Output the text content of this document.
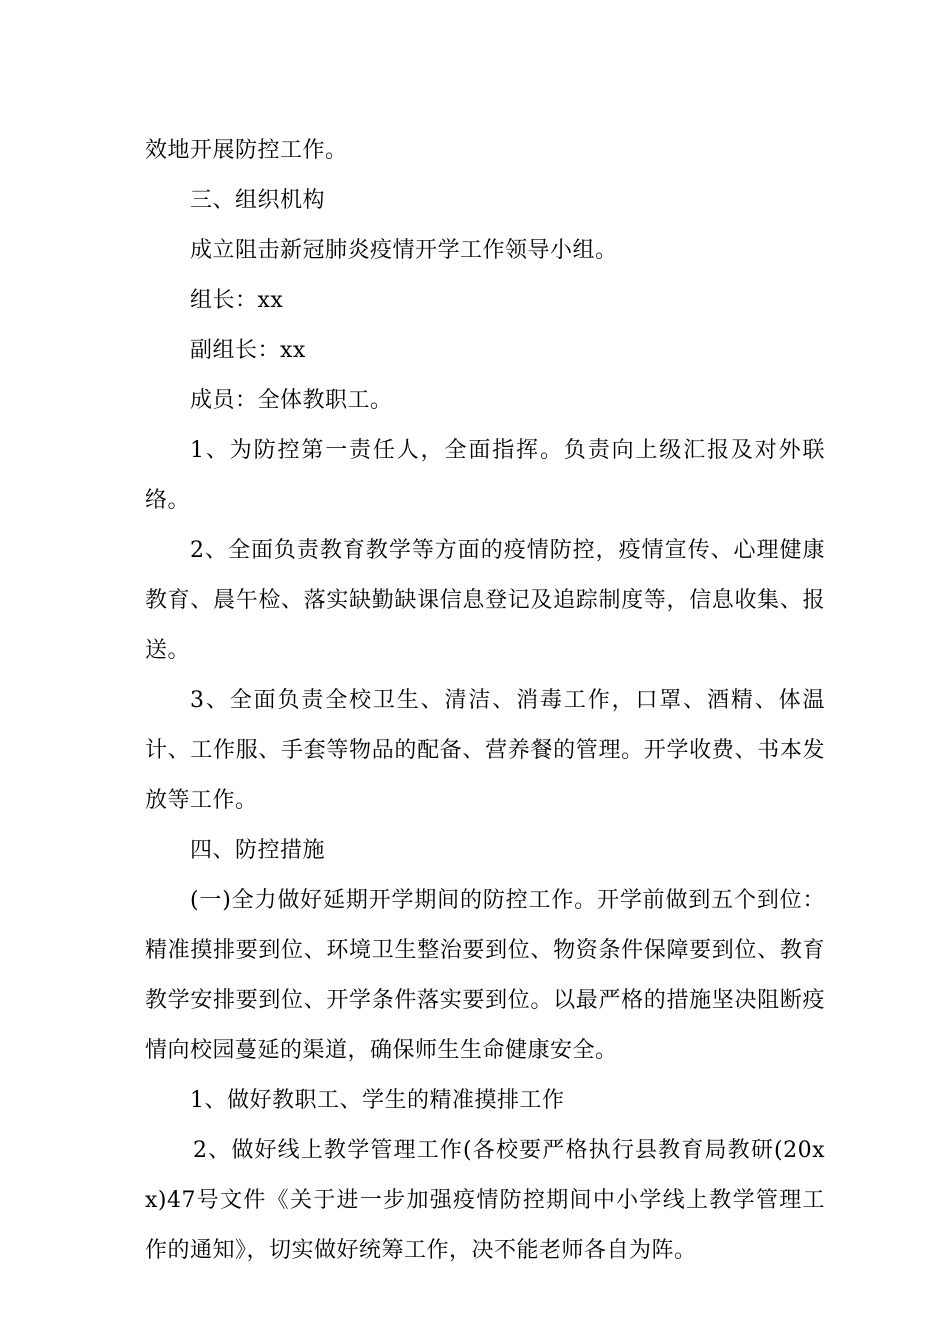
效地开展防控工作。

三、组织机构

成立阻击新冠肺炎疫情开学工作领导小组。

组长：xx

副组长：xx

成员：全体教职工。

1、为防控第一责任人，全面指挥。负责向上级汇报及对外联络。

2、全面负责教育教学等方面的疫情防控，疫情宣传、心理健康教育、晨午检、落实缺勤缺课信息登记及追踪制度等，信息收集、报送。

3、全面负责全校卫生、清洁、消毒工作，口罩、酒精、体温计、工作服、手套等物品的配备、营养餐的管理。开学收费、书本发放等工作。

四、防控措施

(一)全力做好延期开学期间的防控工作。开学前做到五个到位：精准摸排要到位、环境卫生整治要到位、物资条件保障要到位、教育教学安排要到位、开学条件落实要到位。以最严格的措施坚决阻断疫情向校园蔓延的渠道，确保师生生命健康安全。

1、做好教职工、学生的精准摸排工作

2、做好线上教学管理工作(各校要严格执行县教育局教研(20xx)47号文件《关于进一步加强疫情防控期间中小学线上教学管理工作的通知》，切实做好统筹工作，决不能老师各自为阵。
